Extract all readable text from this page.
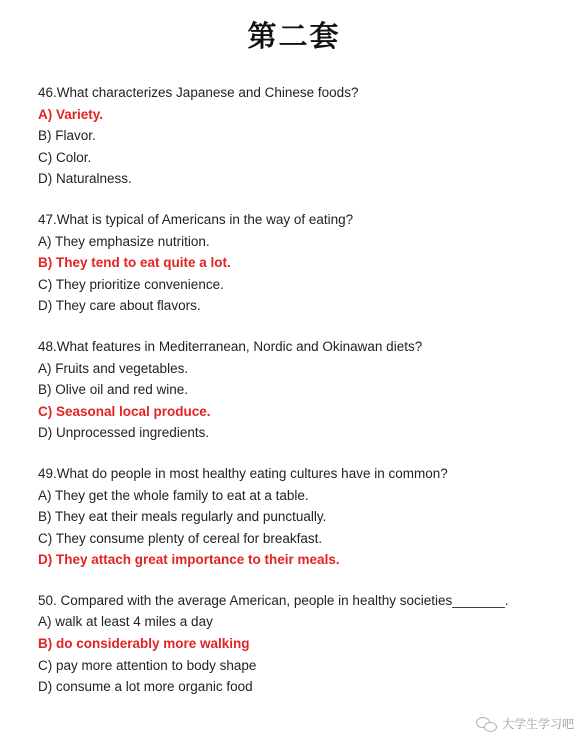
第二套
46.What characterizes Japanese and Chinese foods?
A) Variety.
B) Flavor.
C) Color.
D) Naturalness.
47.What is typical of Americans in the way of eating?
A) They emphasize nutrition.
B) They tend to eat quite a lot.
C) They prioritize convenience.
D) They care about flavors.
48.What features in Mediterranean, Nordic and Okinawan diets?
A) Fruits and vegetables.
B) Olive oil and red wine.
C) Seasonal local produce.
D) Unprocessed ingredients.
49.What do people in most healthy eating cultures have in common?
A) They get the whole family to eat at a table.
B) They eat their meals regularly and punctually.
C) They consume plenty of cereal for breakfast.
D) They attach great importance to their meals.
50. Compared with the average American, people in healthy societies_______.
A) walk at least 4 miles a day
B) do considerably more walking
C) pay more attention to body shape
D) consume a lot more organic food
大学生学习吧
